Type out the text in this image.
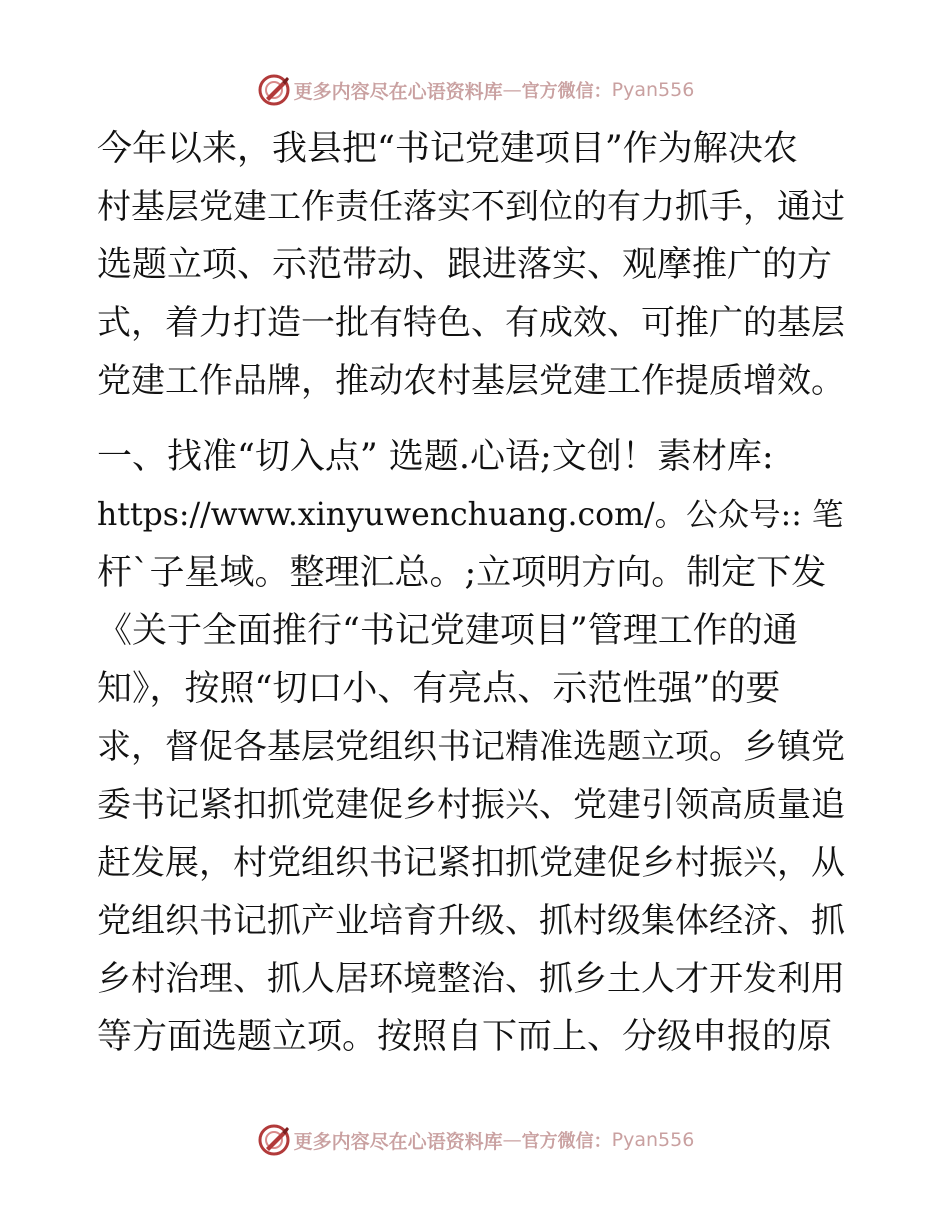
更多内容尽在心语资料库 — 官方微信： Pyan556
今年以来，我县把“书记党建项目”作为解决农
村基层党建工作责任落实不到位的有力抓手，通过
选题立项、示范带动、跟进落实、观摩推广的方
式，着力打造一批有特色、有成效、可推广的基层
党建工作品牌，推动农村基层党建工作提质增效。
一、找准“切入点” 选题.心语;文创！素材库:
https://www.xinyuwenchuang.com/。公众号:: 笔
杆`子星域。整理汇总。;立项明方向。制定下发
《关于全面推行“书记党建项目”管理工作的通
知》，按照“切口小、有亮点、示范性强”的要
求，督促各基层党组织书记精准选题立项。乡镇党
委书记紧扣抓党建促乡村振兴、党建引领高质量追
赶发展，村党组织书记紧扣抓党建促乡村振兴，从
党组织书记抓产业培育升级、抓村级集体经济、抓
乡村治理、抓人居环境整治、抓乡土人才开发利用
等方面选题立项。按照自下而上、分级申报的原
更多内容尽在心语资料库 — 官方微信： Pyan556
